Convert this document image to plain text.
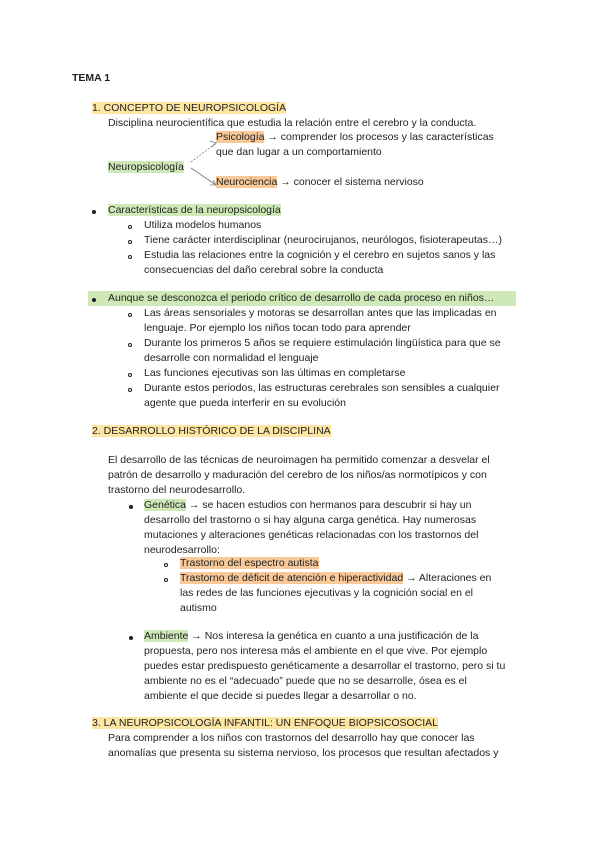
TEMA 1
1. CONCEPTO DE NEUROPSICOLOGÍA
Disciplina neurocientífica que estudia la relación entre el cerebro y la conducta.
Psicología → comprender los procesos y las características
que dan lugar a un comportamiento
Neuropsicología
Neurociencia → conocer el sistema nervioso
Características de la neuropsicología
Utiliza modelos humanos
Tiene carácter interdisciplinar (neurocirujanos, neurólogos, fisioterapeutas…)
Estudia las relaciones entre la cognición y el cerebro en sujetos sanos y las
consecuencias del daño cerebral sobre la conducta
Aunque se desconozca el periodo crítico de desarrollo de cada proceso en niños…
Las áreas sensoriales y motoras se desarrollan antes que las implicadas en
lenguaje. Por ejemplo los niños tocan todo para aprender
Durante los primeros 5 años se requiere estimulación lingüística para que se
desarrolle con normalidad el lenguaje
Las funciones ejecutivas son las últimas en completarse
Durante estos periodos, las estructuras cerebrales son sensibles a cualquier
agente que pueda interferir en su evolución
2. DESARROLLO HISTÓRICO DE LA DISCIPLINA
El desarrollo de las técnicas de neuroimagen ha permitido comenzar a desvelar el
patrón de desarrollo y maduración del cerebro de los niños/as normotípicos y con
trastorno del neurodesarrollo.
Genética → se hacen estudios con hermanos para descubrir si hay un
desarrollo del trastorno o si hay alguna carga genética. Hay numerosas
mutaciones y alteraciones genéticas relacionadas con los trastornos del
neurodesarrollo:
Trastorno del espectro autista
Trastorno de déficit de atención e hiperactividad → Alteraciones en
las redes de las funciones ejecutivas y la cognición social en el
autismo
Ambiente → Nos interesa la genética en cuanto a una justificación de la
propuesta, pero nos interesa más el ambiente en el que vive. Por ejemplo
puedes estar predispuesto genéticamente a desarrollar el trastorno, pero si tu
ambiente no es el “adecuado” puede que no se desarrolle, ósea es el
ambiente el que decide si puedes llegar a desarrollar o no.
3. LA NEUROPSICOLOGÍA INFANTIL: UN ENFOQUE BIOPSICOSOCIAL
Para comprender a los niños con trastornos del desarrollo hay que conocer las
anomalías que presenta su sistema nervioso, los procesos que resultan afectados y
